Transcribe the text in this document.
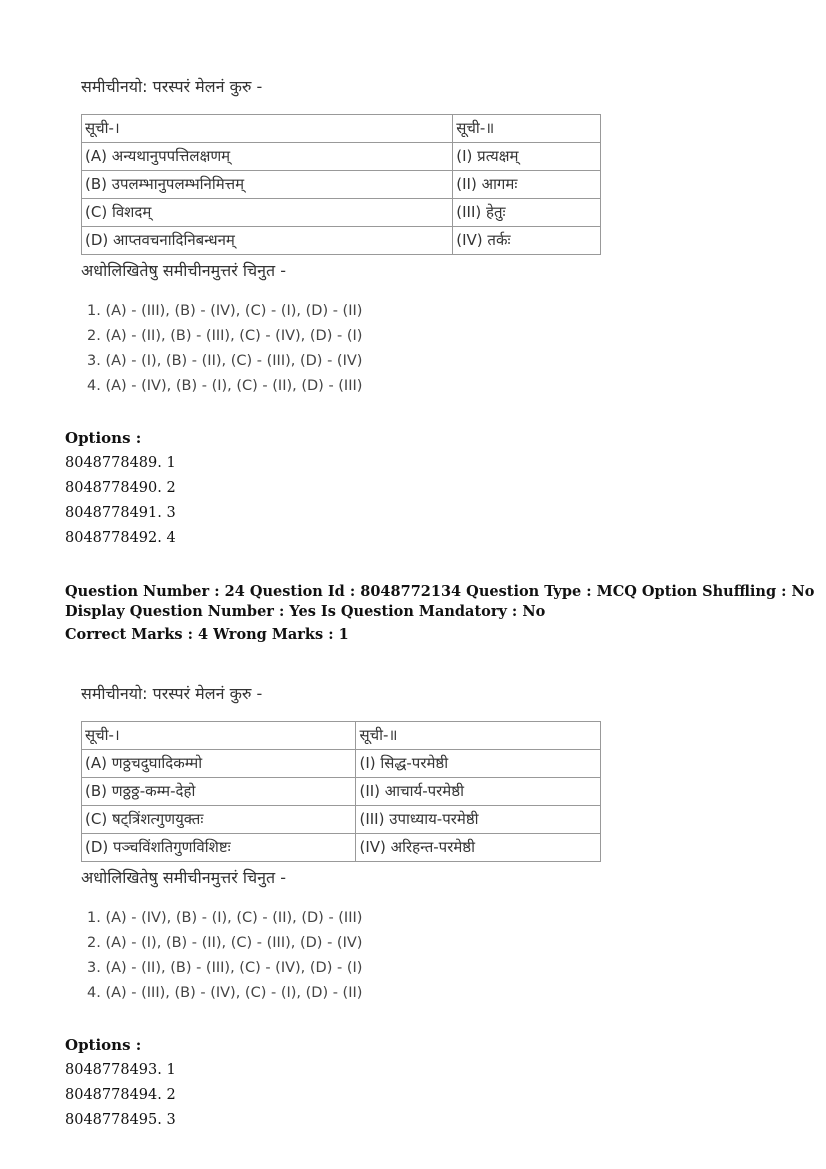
समीचीनयो: परस्परं मेलनं कुरु -
सूची-।	सूची-॥
(A) अन्यथानुपपत्तिलक्षणम्	(I) प्रत्यक्षम्
(B) उपलम्भानुपलम्भनिमित्तम्	(II) आगमः
(C) विशदम्	(III) हेतुः
(D) आप्तवचनादिनिबन्धनम्	(IV) तर्कः
अधोलिखितेषु समीचीनमुत्तरं चिनुत -
1. (A) - (III), (B) - (IV), (C) - (I), (D) - (II)
2. (A) - (II), (B) - (III), (C) - (IV), (D) - (I)
3. (A) - (I), (B) - (II), (C) - (III), (D) - (IV)
4. (A) - (IV), (B) - (I), (C) - (II), (D) - (III)
Options :
8048778489. 1
8048778490. 2
8048778491. 3
8048778492. 4
Question Number : 24 Question Id : 8048772134 Question Type : MCQ Option Shuffling : No
Display Question Number : Yes Is Question Mandatory : No
Correct Marks : 4 Wrong Marks : 1
समीचीनयो: परस्परं मेलनं कुरु -
सूची-।	सूची-॥
(A) णठ्ठचदुघादिकम्मो	(I) सिद्ध-परमेष्ठी
(B) णठ्ठठ्ठ-कम्म-देहो	(II) आचार्य-परमेष्ठी
(C) षट्त्रिंशत्गुणयुक्तः	(III) उपाध्याय-परमेष्ठी
(D) पञ्चविंशतिगुणविशिष्टः	(IV) अरिहन्त-परमेष्ठी
अधोलिखितेषु समीचीनमुत्तरं चिनुत -
1. (A) - (IV), (B) - (I), (C) - (II), (D) - (III)
2. (A) - (I), (B) - (II), (C) - (III), (D) - (IV)
3. (A) - (II), (B) - (III), (C) - (IV), (D) - (I)
4. (A) - (III), (B) - (IV), (C) - (I), (D) - (II)
Options :
8048778493. 1
8048778494. 2
8048778495. 3
